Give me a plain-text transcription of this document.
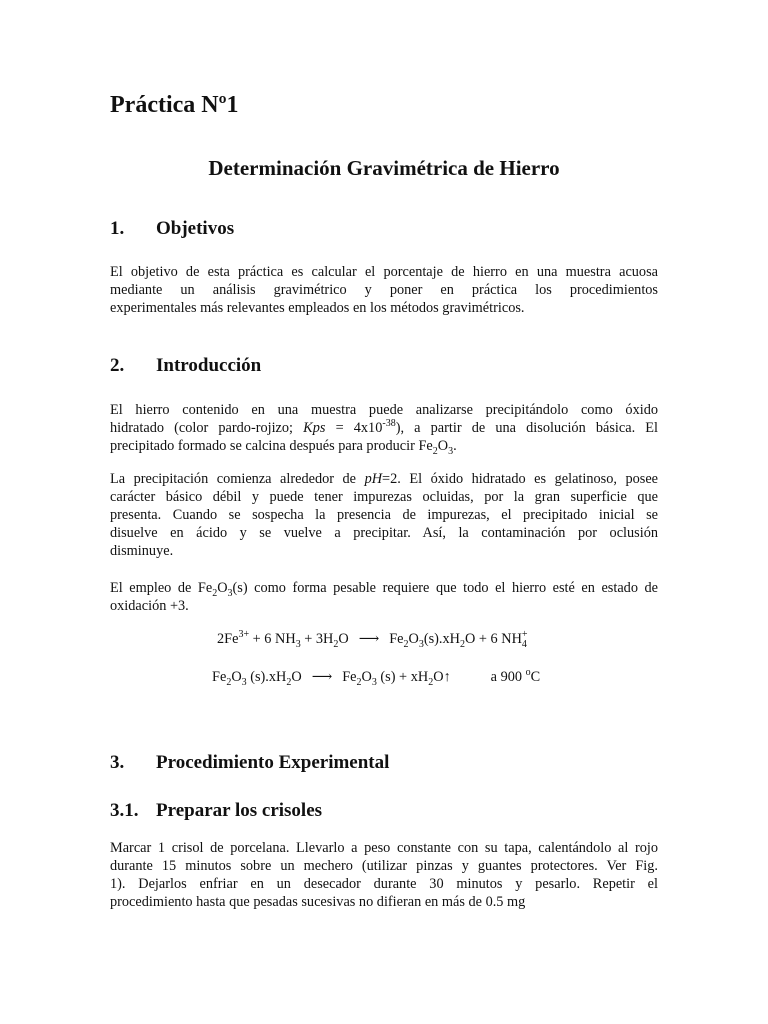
Práctica Nº1
Determinación Gravimétrica de Hierro
1. Objetivos
El objetivo de esta práctica es calcular el porcentaje de hierro en una muestra acuosa
mediante un análisis gravimétrico y poner en práctica los procedimientos
experimentales más relevantes empleados en los métodos gravimétricos.
2. Introducción
El hierro contenido en una muestra puede analizarse precipitándolo como óxido
hidratado (color pardo-rojizo; Kps = $4x10^{-38}$), a partir de una disolución básica. El
precipitado formado se calcina después para producir $Fe_2O_3$.
La precipitación comienza alrededor de pH=2. El óxido hidratado es gelatinoso, posee
carácter básico débil y puede tener impurezas ocluidas, por la gran superficie que
presenta. Cuando se sospecha la presencia de impurezas, el precipitado inicial se
disuelve en ácido y se vuelve a precipitar. Así, la contaminación por oclusión
disminuye.
El empleo de $Fe_2O_3(s)$ como forma pesable requiere que todo el hierro esté en estado de
oxidación +3.
$2Fe^{3+} + 6$ $NH_3 + 3H_2O$ ⟶ $Fe_2O_3(s).xH_2O + 6$ $NH_4^+$
$Fe_2O_3$ $(s).xH_2O$ ⟶ $Fe_2O_3$ $(s) + xH_2O↑$	a 900 $^o$C
3. Procedimiento Experimental
3.1. Preparar los crisoles
Marcar 1 crisol de porcelana. Llevarlo a peso constante con su tapa, calentándolo al rojo
durante 15 minutos sobre un mechero (utilizar pinzas y guantes protectores. Ver Fig.
1). Dejarlos enfriar en un desecador durante 30 minutos y pesarlo. Repetir el
procedimiento hasta que pesadas sucesivas no difieran en más de 0.5 mg
